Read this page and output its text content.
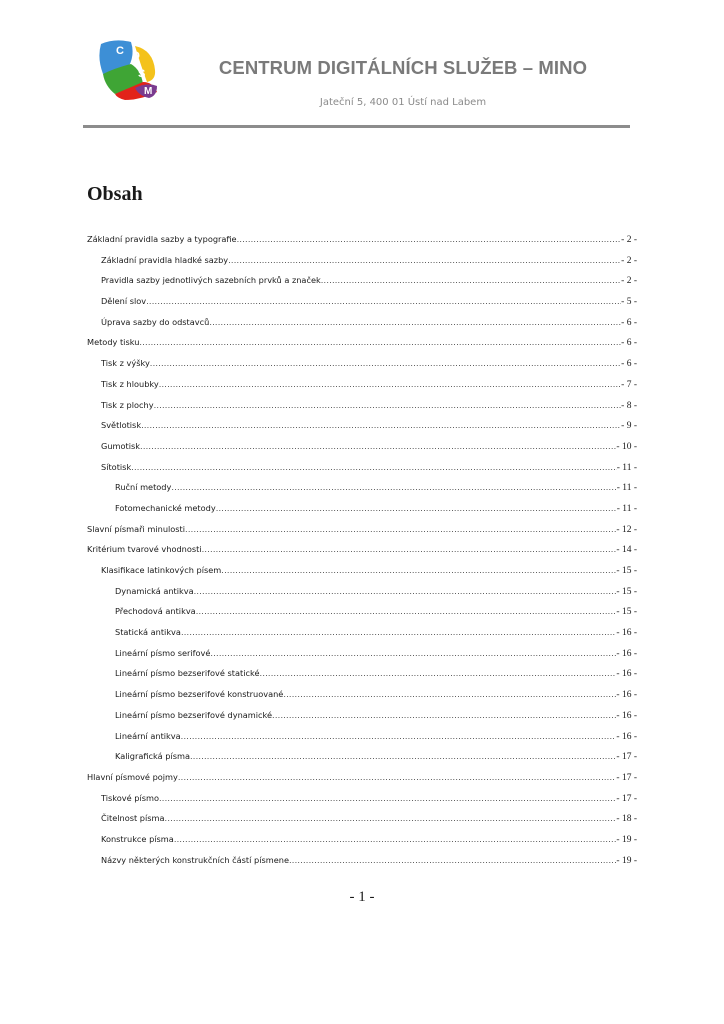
C D
S
M
CENTRUM DIGITÁLNÍCH SLUŽEB – MINO
Jateční 5, 400 01 Ústí nad Labem
Obsah
Základní pravidla sazby a typografie .....	- 2 -
Základní pravidla hladké sazby .....	- 2 -
Pravidla sazby jednotlivých sazebních prvků a značek .....	- 2 -
Dělení slov .....	- 5 -
Úprava sazby do odstavců .....	- 6 -
Metody tisku .....	- 6 -
Tisk z výšky .....	- 6 -
Tisk z hloubky .....	- 7 -
Tisk z plochy .....	- 8 -
Světlotisk .....	- 9 -
Gumotisk .....	- 10 -
Sítotisk .....	- 11 -
Ruční metody .....	- 11 -
Fotomechanické metody .....	- 11 -
Slavní písmaři minulosti .....	- 12 -
Kritérium tvarové vhodnosti .....	- 14 -
Klasifikace latinkových písem .....	- 15 -
Dynamická antikva .....	- 15 -
Přechodová antikva .....	- 15 -
Statická antikva .....	- 16 -
Lineární písmo serifové .....	- 16 -
Lineární písmo bezserifové statické .....	- 16 -
Lineární písmo bezserifové konstruované .....	- 16 -
Lineární písmo bezserifové dynamické .....	- 16 -
Lineární antikva .....	- 16 -
Kaligrafická písma .....	- 17 -
Hlavní písmové pojmy .....	- 17 -
Tiskové písmo .....	- 17 -
Čitelnost písma .....	- 18 -
Konstrukce písma .....	- 19 -
Názvy některých konstrukčních částí písmene .....	- 19 -
- 1 -
